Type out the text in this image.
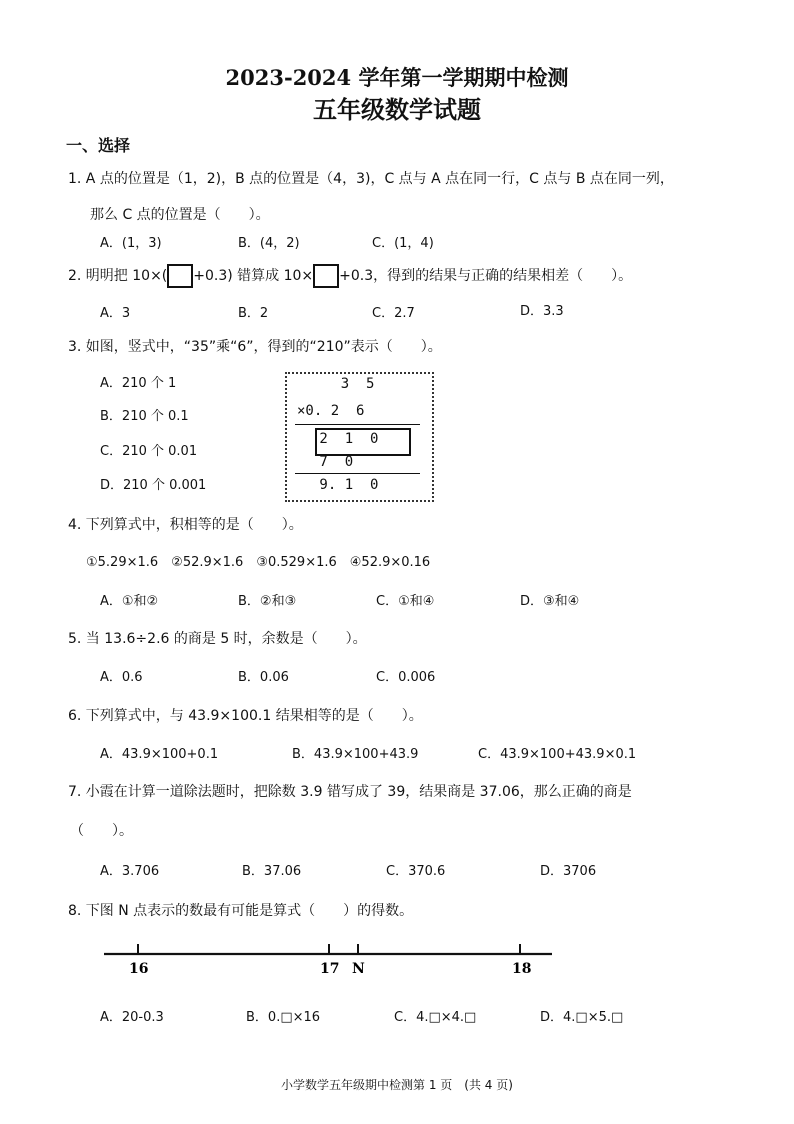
2023-2024 学年第一学期期中检测
五年级数学试题
一、选择
1. A 点的位置是（1，2)，B 点的位置是（4，3)，C 点与 A 点在同一行，C 点与 B 点在同一列，
那么 C 点的位置是（　　）。
A．(1，3)	B．(4，2)	C．(1，4)
2. 明明把 10×( +0.3) 错算成 10× +0.3，得到的结果与正确的结果相差（　　）。
A．3	B．2	C．2.7	D．3.3
3. 如图，竖式中，“35”乘“6”，得到的“210”表示（　　）。
A．210 个 1
B．210 个 0.1
C．210 个 0.01
D．210 个 0.001
3  5
×0. 2  6
2  1  0
7  0
9. 1  0
4. 下列算式中，积相等的是（　　）。
①5.29×1.6　②52.9×1.6　③0.529×1.6　④52.9×0.16
A．①和②	B．②和③	C．①和④	D．③和④
5. 当 13.6÷2.6 的商是 5 时，余数是（　　）。
A．0.6	B．0.06	C．0.006
6. 下列算式中，与 43.9×100.1 结果相等的是（　　）。
A．43.9×100+0.1	B．43.9×100+43.9	C．43.9×100+43.9×0.1
7. 小霞在计算一道除法题时，把除数 3.9 错写成了 39，结果商是 37.06，那么正确的商是
（　　）。
A．3.706	B．37.06	C．370.6	D．3706
8. 下图 N 点表示的数最有可能是算式（　　）的得数。
16	17 N	18
A．20-0.3	B．0.□×16	C．4.□×4.□	D．4.□×5.□
小学数学五年级期中检测第 1 页　(共 4 页)
